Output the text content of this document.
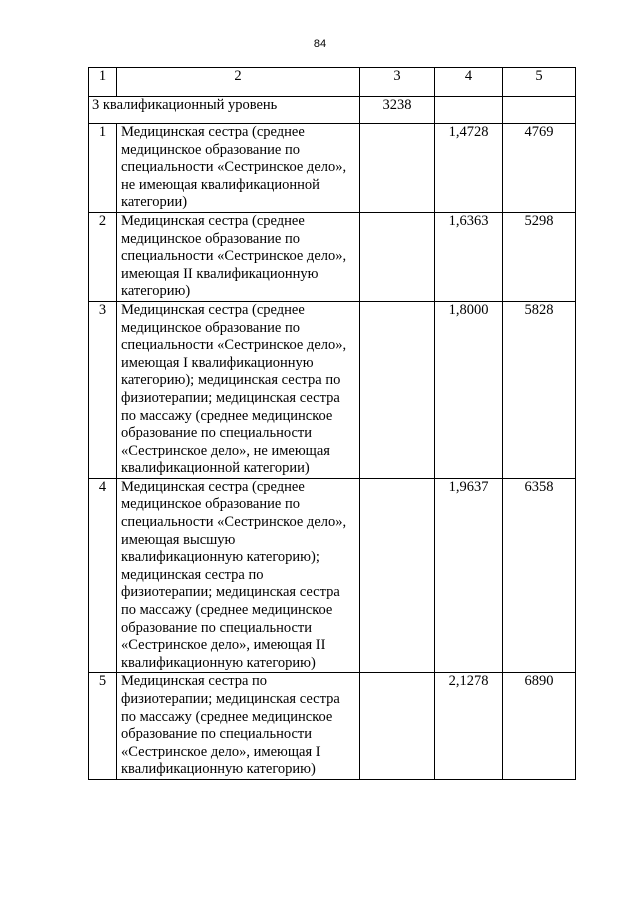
84
1	2	3	4	5
3 квалификационный уровень		3238		
1	Медицинская сестра (среднее медицинское образование по специальности «Сестринское дело», не имеющая квалификационной категории)		1,4728	4769
2	Медицинская сестра (среднее медицинское образование по специальности «Сестринское дело», имеющая II квалификационную категорию)		1,6363	5298
3	Медицинская сестра (среднее медицинское образование по специальности «Сестринское дело», имеющая I квалификационную категорию); медицинская сестра по физиотерапии; медицинская сестра по массажу (среднее медицинское образование по специальности «Сестринское дело», не имеющая квалификационной категории)		1,8000	5828
4	Медицинская сестра (среднее медицинское образование по специальности «Сестринское дело», имеющая высшую квалификационную категорию); медицинская сестра по физиотерапии; медицинская сестра по массажу (среднее медицинское образование по специальности «Сестринское дело», имеющая II квалификационную категорию)		1,9637	6358
5	Медицинская сестра по физиотерапии; медицинская сестра по массажу (среднее медицинское образование по специальности «Сестринское дело», имеющая I квалификационную категорию)		2,1278	6890
